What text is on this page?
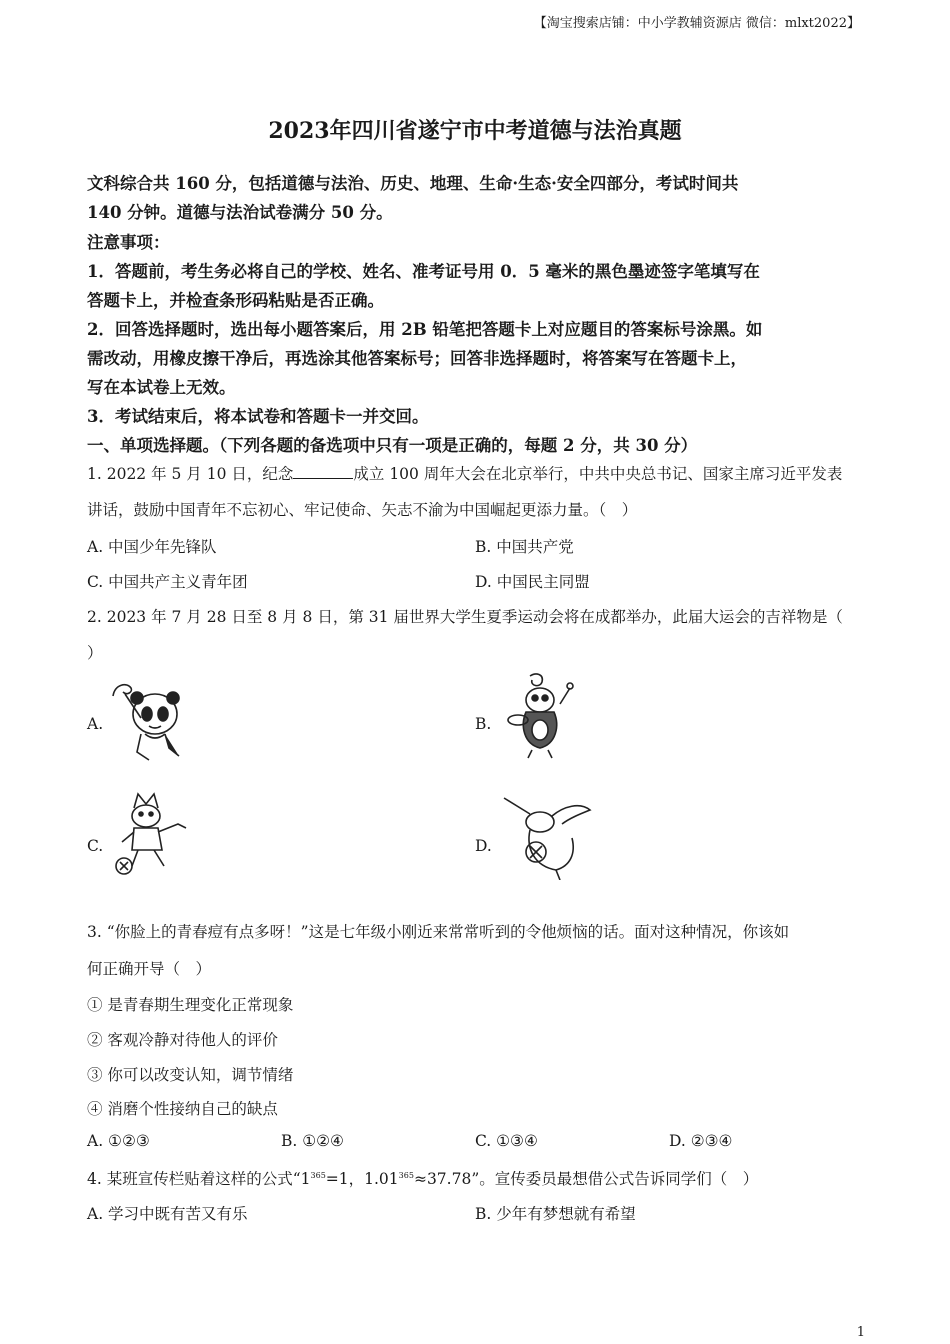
【淘宝搜索店铺：中小学教辅资源店 微信：mlxt2022】
2023年四川省遂宁市中考道德与法治真题
文科综合共 160 分，包括道德与法治、历史、地理、生命·生态·安全四部分，考试时间共
140 分钟。道德与法治试卷满分 50 分。
注意事项：
1．答题前，考生务必将自己的学校、姓名、准考证号用 0．5 毫米的黑色墨迹签字笔填写在
答题卡上，并检查条形码粘贴是否正确。
2．回答选择题时，选出每小题答案后，用 2B 铅笔把答题卡上对应题目的答案标号涂黑。如
需改动，用橡皮擦干净后，再选涂其他答案标号；回答非选择题时，将答案写在答题卡上，
写在本试卷上无效。
3．考试结束后，将本试卷和答题卡一并交回。
一、单项选择题。（下列各题的备选项中只有一项是正确的，每题 2 分，共 30 分）
1. 2022 年 5 月 10 日，纪念	成立 100 周年大会在北京举行，中共中央总书记、国家主席习近平发表
讲话，鼓励中国青年不忘初心、牢记使命、矢志不渝为中国崛起更添力量。（　）
A. 中国少年先锋队	B. 中国共产党
C. 中国共产主义青年团	D. 中国民主同盟
2. 2023 年 7 月 28 日至 8 月 8 日，第 31 届世界大学生夏季运动会将在成都举办，此届大运会的吉祥物是（
）
A.	B.
C.	D.
3. “你脸上的青春痘有点多呀！”这是七年级小刚近来常常听到的令他烦恼的话。面对这种情况，你该如
何正确开导（　）
① 是青春期生理变化正常现象
② 客观冷静对待他人的评价
③ 你可以改变认知，调节情绪
④ 消磨个性接纳自己的缺点
A. ①②③	B. ①②④	C. ①③④	D. ②③④
4. 某班宣传栏贴着这样的公式“$1^{365}=1$，$1.01^{365}\approx 37.78$”。宣传委员最想借公式告诉同学们（　）
A. 学习中既有苦又有乐	B. 少年有梦想就有希望
1
